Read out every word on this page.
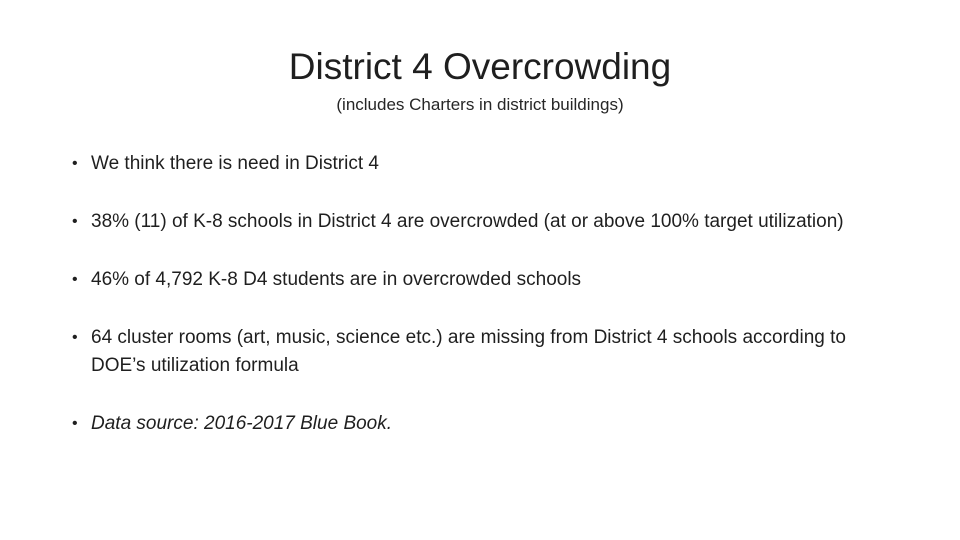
District 4 Overcrowding
(includes Charters in district buildings)
• We think there is need in District 4
• 38% (11) of K-8 schools in District 4 are overcrowded (at or above 100% target utilization)
• 46% of 4,792 K-8 D4 students are in overcrowded schools
• 64 cluster rooms (art, music, science etc.) are missing from District 4 schools according to DOE’s utilization formula
• Data source: 2016-2017 Blue Book.
